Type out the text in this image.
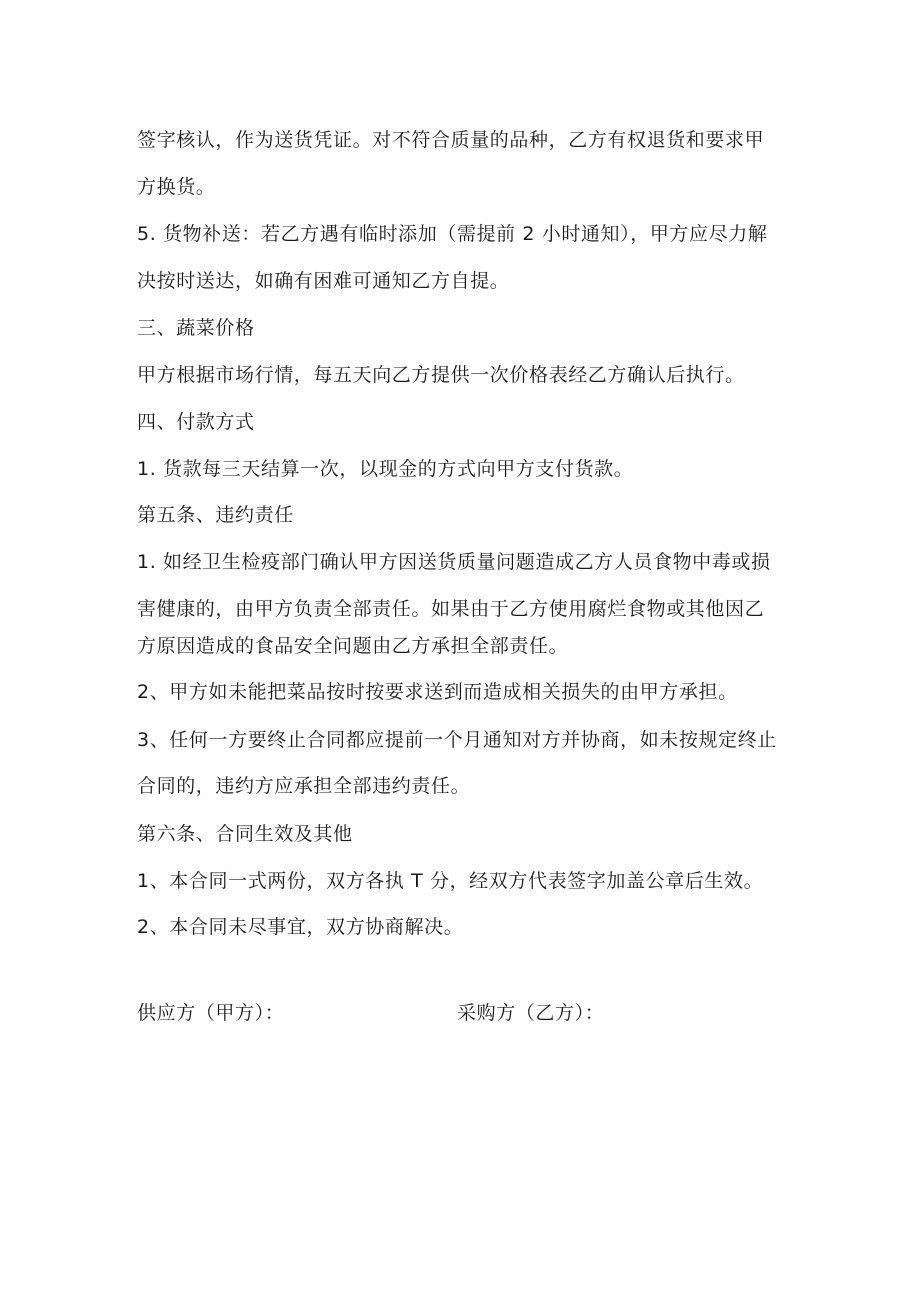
签字核认，作为送货凭证。对不符合质量的品种，乙方有权退货和要求甲
方换货。
5. 货物补送：若乙方遇有临时添加（需提前 2 小时通知），甲方应尽力解
决按时送达，如确有困难可通知乙方自提。
三、蔬菜价格
甲方根据市场行情，每五天向乙方提供一次价格表经乙方确认后执行。
四、付款方式
1. 货款每三天结算一次，以现金的方式向甲方支付货款。
第五条、违约责任
1. 如经卫生检疫部门确认甲方因送货质量问题造成乙方人员食物中毒或损
害健康的，由甲方负责全部责任。如果由于乙方使用腐烂食物或其他因乙
方原因造成的食品安全问题由乙方承担全部责任。
2、甲方如未能把菜品按时按要求送到而造成相关损失的由甲方承担。
3、任何一方要终止合同都应提前一个月通知对方并协商，如未按规定终止
合同的，违约方应承担全部违约责任。
第六条、合同生效及其他
1、本合同一式两份，双方各执 T 分，经双方代表签字加盖公章后生效。
2、本合同未尽事宜，双方协商解决。
供应方（甲方）：	采购方（乙方）：
